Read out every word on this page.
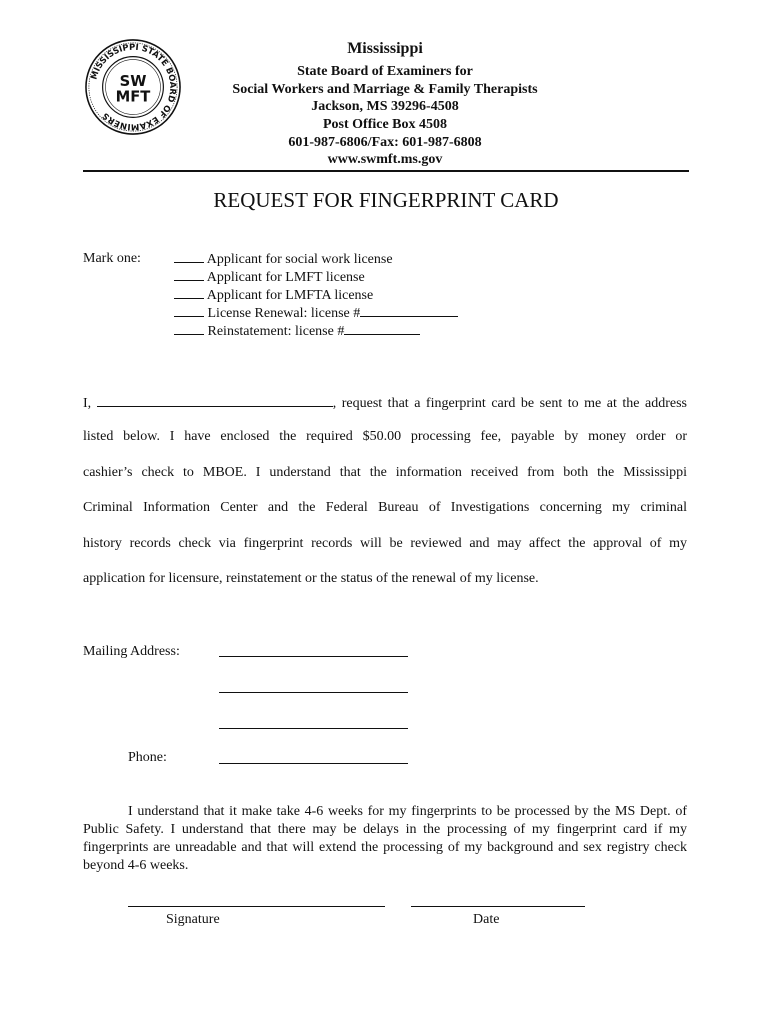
MISSISSIPPI STATE BOARD OF EXAMINERS
SW
MFT
Mississippi
State Board of Examiners for
Social Workers and Marriage & Family Therapists
Jackson, MS 39296-4508
Post Office Box 4508
601-987-6806/Fax: 601-987-6808
www.swmft.ms.gov
REQUEST FOR FINGERPRINT CARD
Mark one:	Applicant for social work license
Applicant for LMFT license
Applicant for LMFTA license
License Renewal: license #
Reinstatement: license #
I,	, request that a fingerprint card be sent to me at the address
listed below. I have enclosed the required $50.00 processing fee, payable by money order or
cashier’s check to MBOE. I understand that the information received from both the Mississippi
Criminal Information Center and the Federal Bureau of Investigations concerning my criminal
history records check via fingerprint records will be reviewed and may affect the approval of my
application for licensure, reinstatement or the status of the renewal of my license.
Mailing Address:
Phone:
I understand that it make take 4-6 weeks for my fingerprints to be processed by the MS Dept. of Public Safety. I understand that there may be delays in the processing of my fingerprint card if my fingerprints are unreadable and that will extend the processing of my background and sex registry check beyond 4-6 weeks.
Signature	Date
